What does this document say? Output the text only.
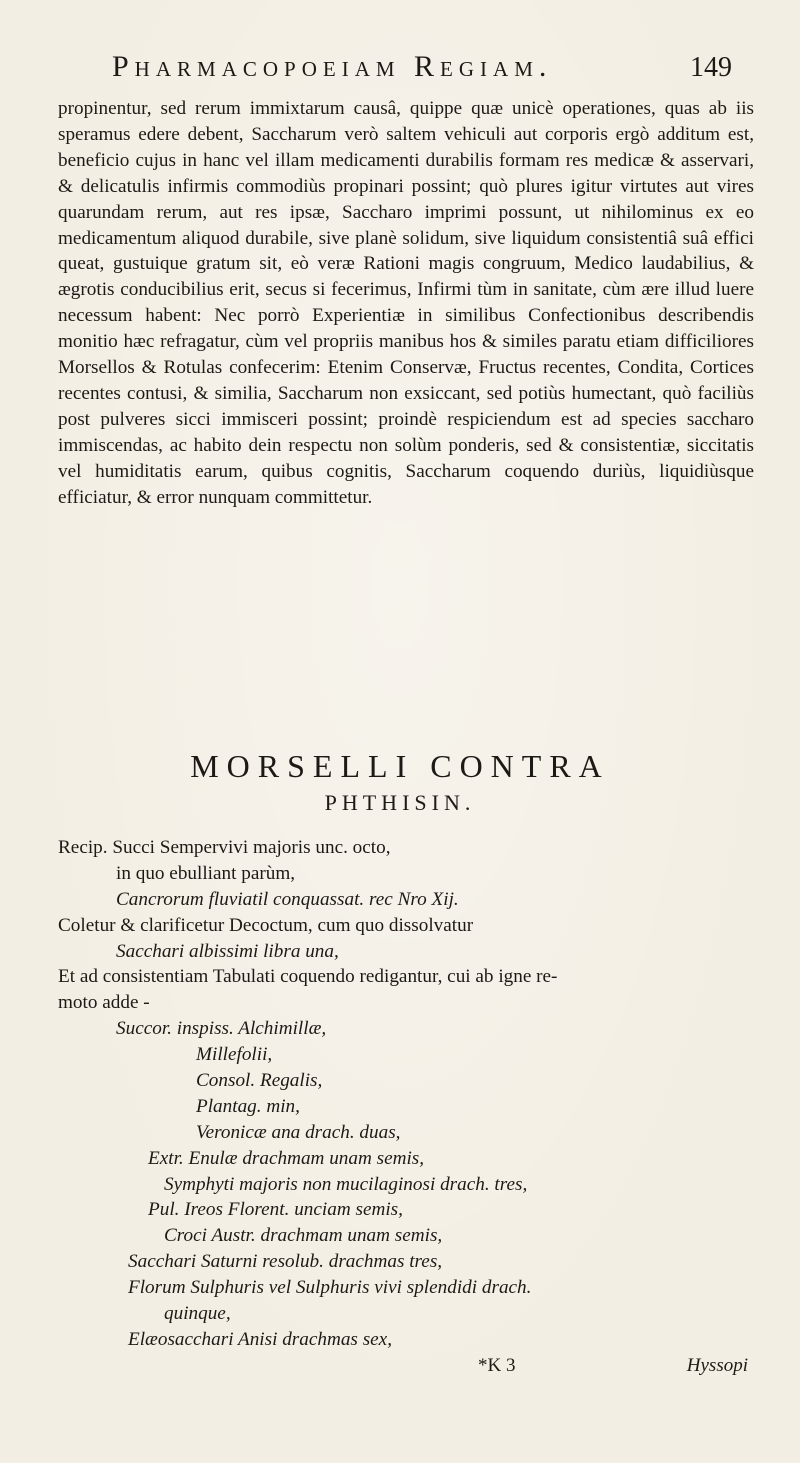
Pharmacopoeiam Regiam.	149
propinentur, sed rerum immixtarum causâ, quippe quæ unicè operationes, quas ab iis speramus edere debent, Saccharum verò saltem vehiculi aut corporis ergò additum est, beneficio cujus in hanc vel illam medicamenti durabilis formam res medicæ & asservari, & delicatulis infirmis commodiùs propinari possint; quò plures igitur virtutes aut vires quarundam rerum, aut res ipsæ, Saccharo imprimi possunt, ut nihilominus ex eo medicamentum aliquod durabile, sive planè solidum, sive liquidum consistentiâ suâ effici queat, gustuique gratum sit, eò veræ Rationi magis congruum, Medico laudabilius, & ægrotis conducibilius erit, secus si fecerimus, Infirmi tùm in sanitate, cùm ære illud luere necessum habent: Nec porrò Experientiæ in similibus Confectionibus describendis monitio hæc refragatur, cùm vel propriis manibus hos & similes paratu etiam difficiliores Morsellos & Rotulas confecerim: Etenim Conservæ, Fructus recentes, Condita, Cortices recentes contusi, & similia, Saccharum non exsiccant, sed potiùs humectant, quò faciliùs post pulveres sicci immisceri possint; proindè respiciendum est ad species saccharo immiscendas, ac habito dein respectu non solùm ponderis, sed & consistentiæ, siccitatis vel humiditatis earum, quibus cognitis, Saccharum coquendo duriùs, liquidiùsque efficiatur, & error nunquam committetur.
MORSELLI CONTRA
PHTHISIN.
Recip. Succi Sempervivi majoris unc. octo,
in quo ebulliant parùm,
Cancrorum fluviatil conquassat. rec Nro Xij.
Coletur & clarificetur Decoctum, cum quo dissolvatur
Sacchari albissimi libra una,
Et ad consistentiam Tabulati coquendo redigantur, cui ab igne re-
moto adde -
Succor. inspiss. Alchimillæ,
Millefolii,
Consol. Regalis,
Plantag. min,
Veronicæ ana drach. duas,
Extr. Enulæ drachmam unam semis,
Symphyti majoris non mucilaginosi drach. tres,
Pul. Ireos Florent. unciam semis,
Croci Austr. drachmam unam semis,
Sacchari Saturni resolub. drachmas tres,
Florum Sulphuris vel Sulphuris vivi splendidi drach.
quinque,
Elæosacchari Anisi drachmas sex,
*K 3	Hyssopi
